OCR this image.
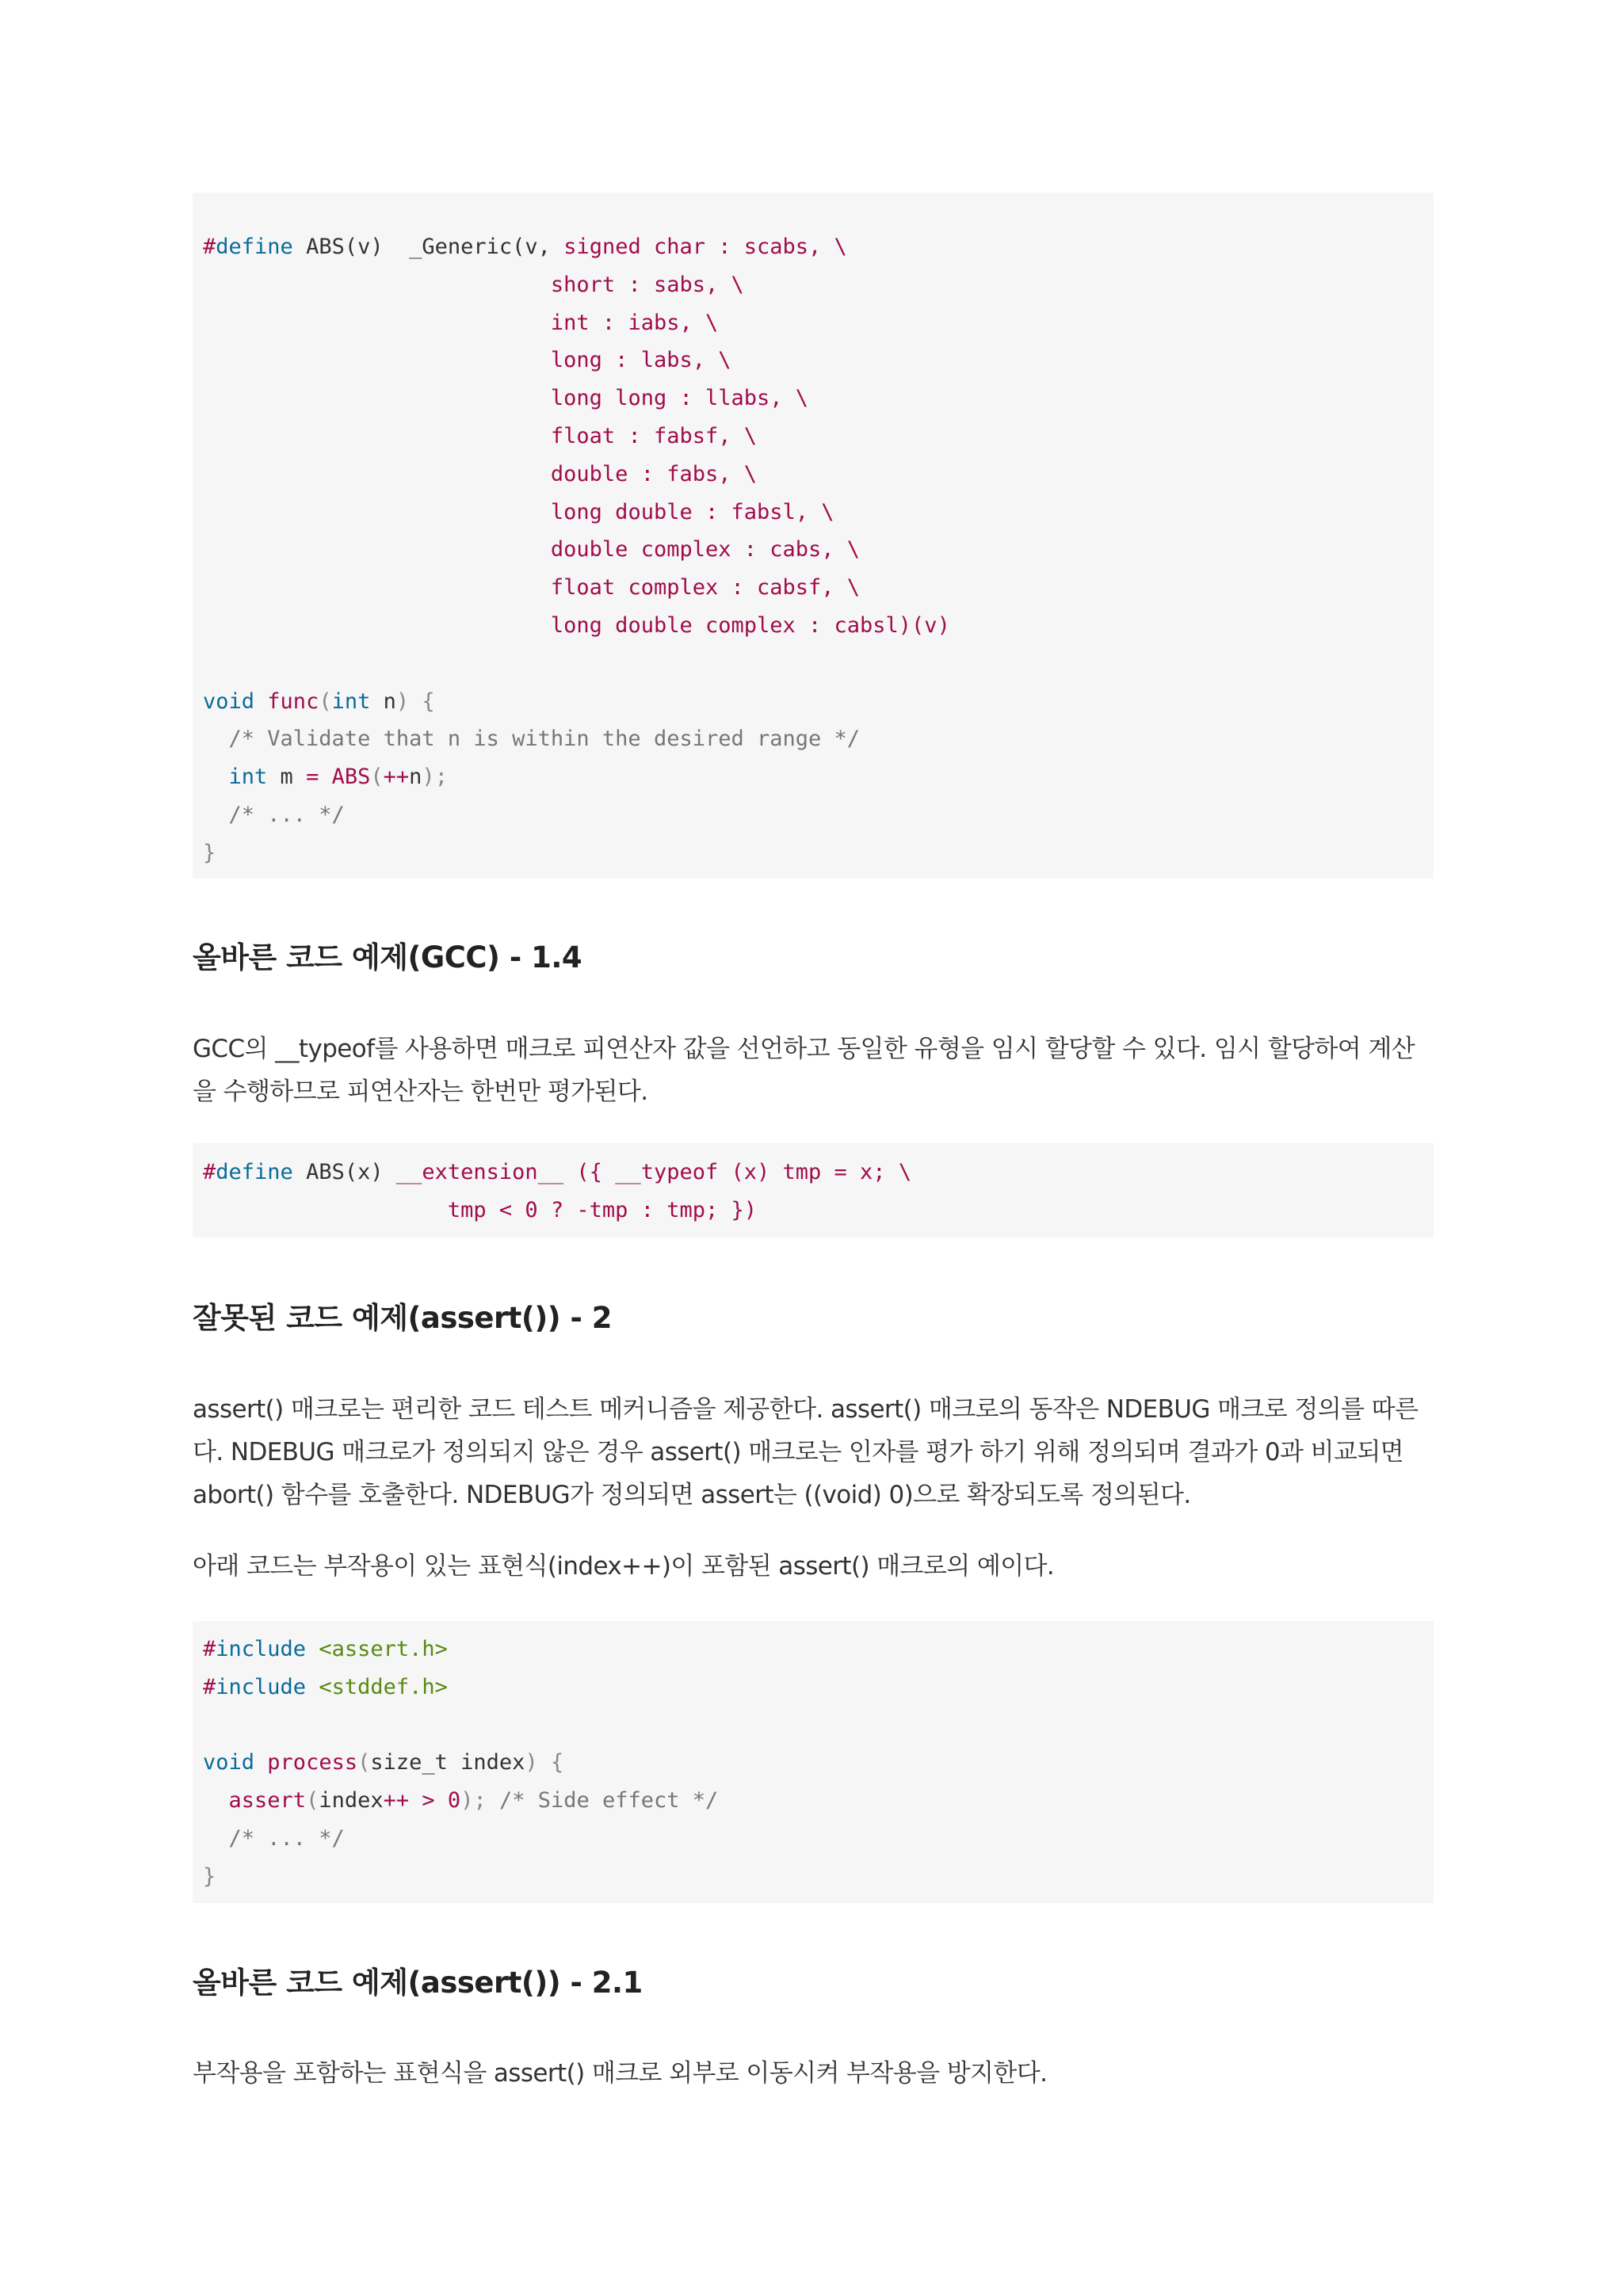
#define ABS(v)  _Generic(v, signed char : scabs, \
short : sabs, \
int : iabs, \
long : labs, \
long long : llabs, \
float : fabsf, \
double : fabs, \
long double : fabsl, \
double complex : cabs, \
float complex : cabsf, \
long double complex : cabsl)(v)

void func(int n) {
/* Validate that n is within the desired range */
int m = ABS(++n);
/* ... */
}
올바른 코드 예제(GCC) - 1.4

GCC의 __typeof를 사용하면 매크로 피연산자 값을 선언하고 동일한 유형을 임시 할당할 수 있다. 임시 할당하여 계산을 수행하므로 피연산자는 한번만 평가된다.

#define ABS(x) __extension__ ({ __typeof (x) tmp = x; \
tmp < 0 ? -tmp : tmp; })
잘못된 코드 예제(assert()) - 2

assert() 매크로는 편리한 코드 테스트 메커니즘을 제공한다. assert() 매크로의 동작은 NDEBUG 매크로 정의를 따른다. NDEBUG 매크로가 정의되지 않은 경우 assert() 매크로는 인자를 평가 하기 위해 정의되며 결과가 0과 비교되면 abort() 함수를 호출한다. NDEBUG가 정의되면 assert는 ((void) 0)으로 확장되도록 정의된다.

아래 코드는 부작용이 있는 표현식(index++)이 포함된 assert() 매크로의 예이다.

#include <assert.h>
#include <stddef.h>

void process(size_t index) {
assert(index++ > 0); /* Side effect */
/* ... */
}
올바른 코드 예제(assert()) - 2.1

부작용을 포함하는 표현식을 assert() 매크로 외부로 이동시켜 부작용을 방지한다.
